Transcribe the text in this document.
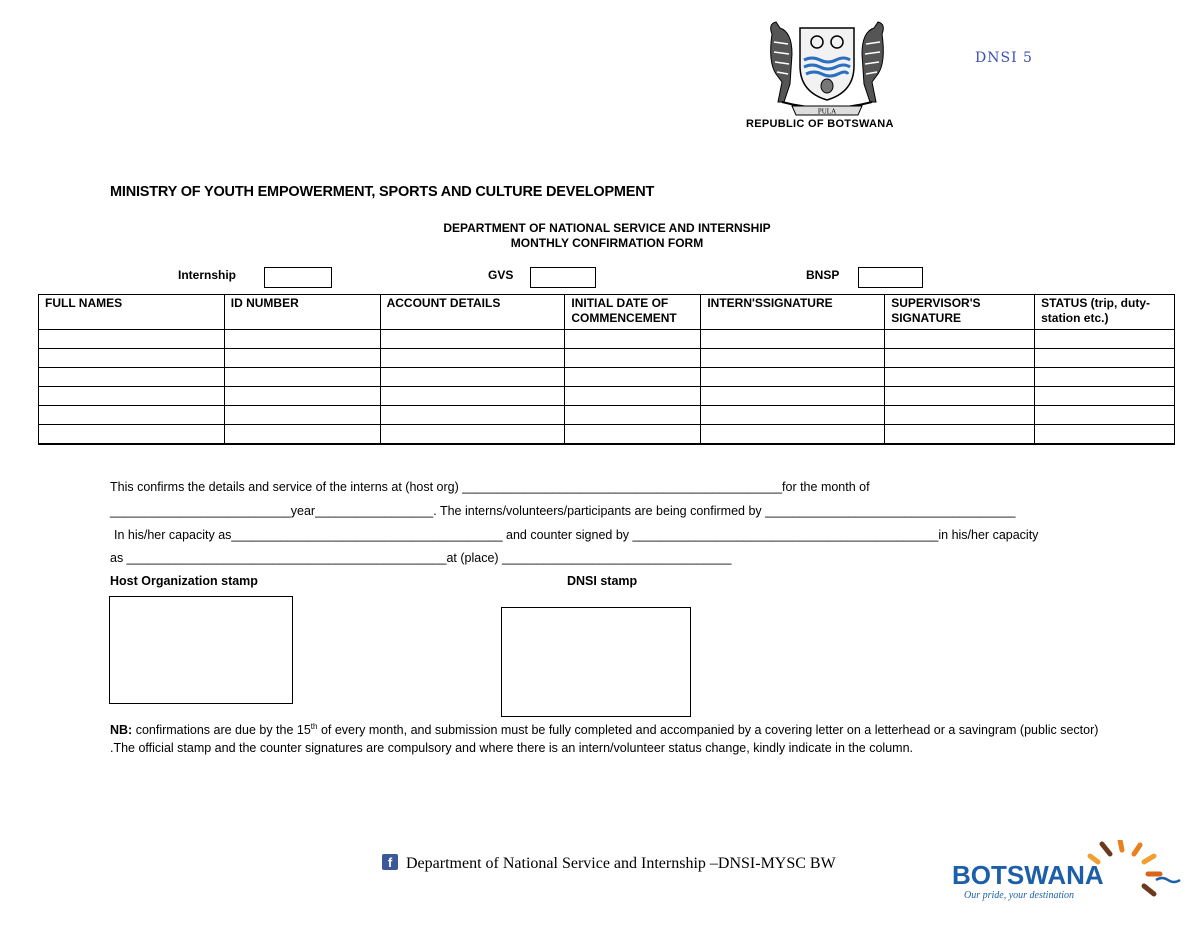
PULA
REPUBLIC OF BOTSWANA
DNSI 5
MINISTRY OF YOUTH EMPOWERMENT, SPORTS AND CULTURE DEVELOPMENT
DEPARTMENT OF NATIONAL SERVICE AND INTERNSHIP
MONTHLY CONFIRMATION FORM
Internship	GVS	BNSP
FULL NAMES	ID NUMBER	ACCOUNT DETAILS	INITIAL DATE OF COMMENCEMENT	INTERN'SSIGNATURE	SUPERVISOR'S SIGNATURE	STATUS (trip, duty-station etc.)

This confirms the details and service of the interns at (host org) ______________________________________________for the month of
__________________________year_________________. The interns/volunteers/participants are being confirmed by ____________________________________
In his/her capacity as_______________________________________ and counter signed by ____________________________________________in his/her capacity
as ______________________________________________at (place) _________________________________
Host Organization stamp	DNSI stamp
NB: confirmations are due by the 15th of every month, and submission must be fully completed and accompanied by a covering letter on a letterhead or a savingram (public sector) .The official stamp and the counter signatures are compulsory and where there is an intern/volunteer status change, kindly indicate in the column.
f Department of National Service and Internship –DNSI-MYSC BW	BOTSWANA
Our pride, your destination
